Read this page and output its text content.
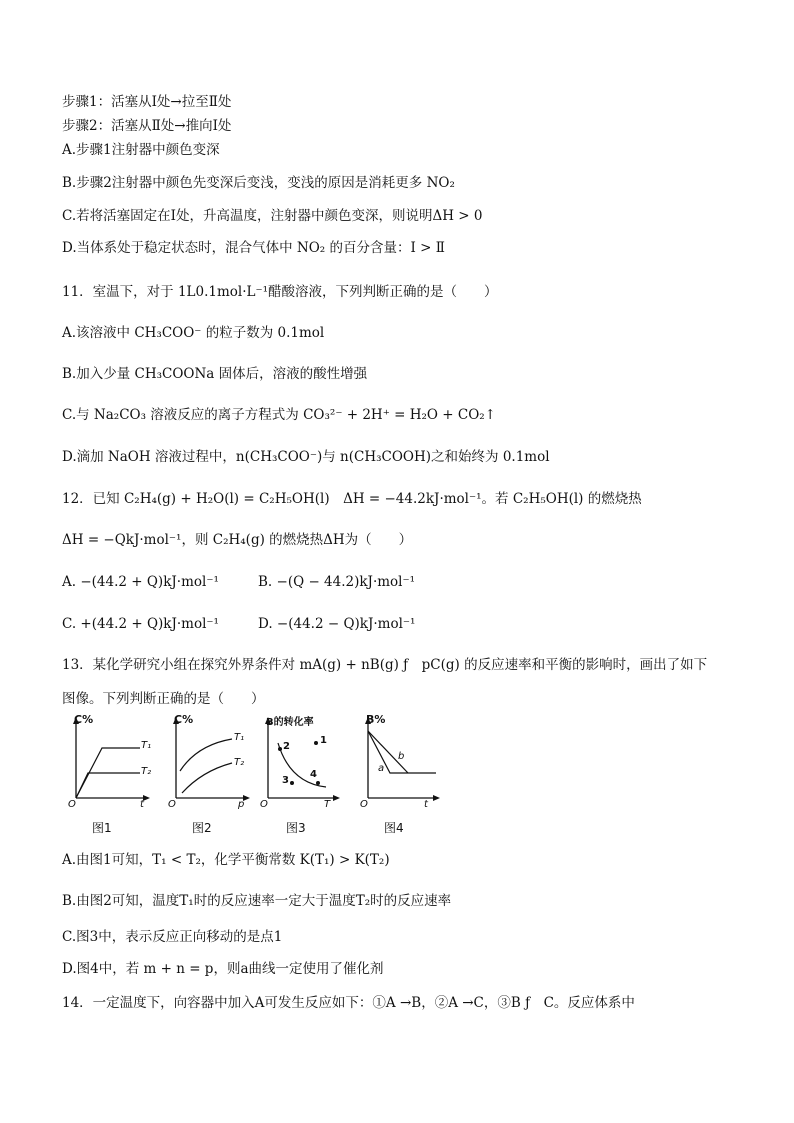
步骤1：活塞从Ⅰ处→拉至Ⅱ处
步骤2：活塞从Ⅱ处→推向Ⅰ处
A.步骤1注射器中颜色变深
B.步骤2注射器中颜色先变深后变浅，变浅的原因是消耗更多 NO₂
C.若将活塞固定在Ⅰ处，升高温度，注射器中颜色变深，则说明ΔH > 0
D.当体系处于稳定状态时，混合气体中 NO₂ 的百分含量：Ⅰ > Ⅱ
11．室温下，对于 1L0.1mol·L⁻¹醋酸溶液，下列判断正确的是（　　）
A.该溶液中 CH₃COO⁻ 的粒子数为 0.1mol
B.加入少量 CH₃COONa 固体后，溶液的酸性增强
C.与 Na₂CO₃ 溶液反应的离子方程式为 CO₃²⁻ + 2H⁺ = H₂O + CO₂↑
D.滴加 NaOH 溶液过程中，n(CH₃COO⁻)与 n(CH₃COOH)之和始终为 0.1mol
12．已知 C₂H₄(g) + H₂O(l) = C₂H₅OH(l)　ΔH = −44.2kJ·mol⁻¹。若 C₂H₅OH(l) 的燃烧热
ΔH = −QkJ·mol⁻¹，则 C₂H₄(g) 的燃烧热ΔH为（　　）
A. −(44.2 + Q)kJ·mol⁻¹	B. −(Q − 44.2)kJ·mol⁻¹
C. +(44.2 + Q)kJ·mol⁻¹	D. −(44.2 − Q)kJ·mol⁻¹
13．某化学研究小组在探究外界条件对 mA(g) + nB(g) ƒ　pC(g) 的反应速率和平衡的影响时，画出了如下
图像。下列判断正确的是（　　）
C%
T₁
T₂
O	t
图1
C%
T₁
T₂
O	p
图2
B的转化率
1
2
3
4
O	T
图3
B%
a
b
O	t
图4
A.由图1可知，T₁ < T₂，化学平衡常数 K(T₁) > K(T₂)
B.由图2可知，温度T₁时的反应速率一定大于温度T₂时的反应速率
C.图3中，表示反应正向移动的是点1
D.图4中，若 m + n = p，则a曲线一定使用了催化剂
14．一定温度下，向容器中加入A可发生反应如下：①A →B，②A →C，③B ƒ　C。反应体系中
